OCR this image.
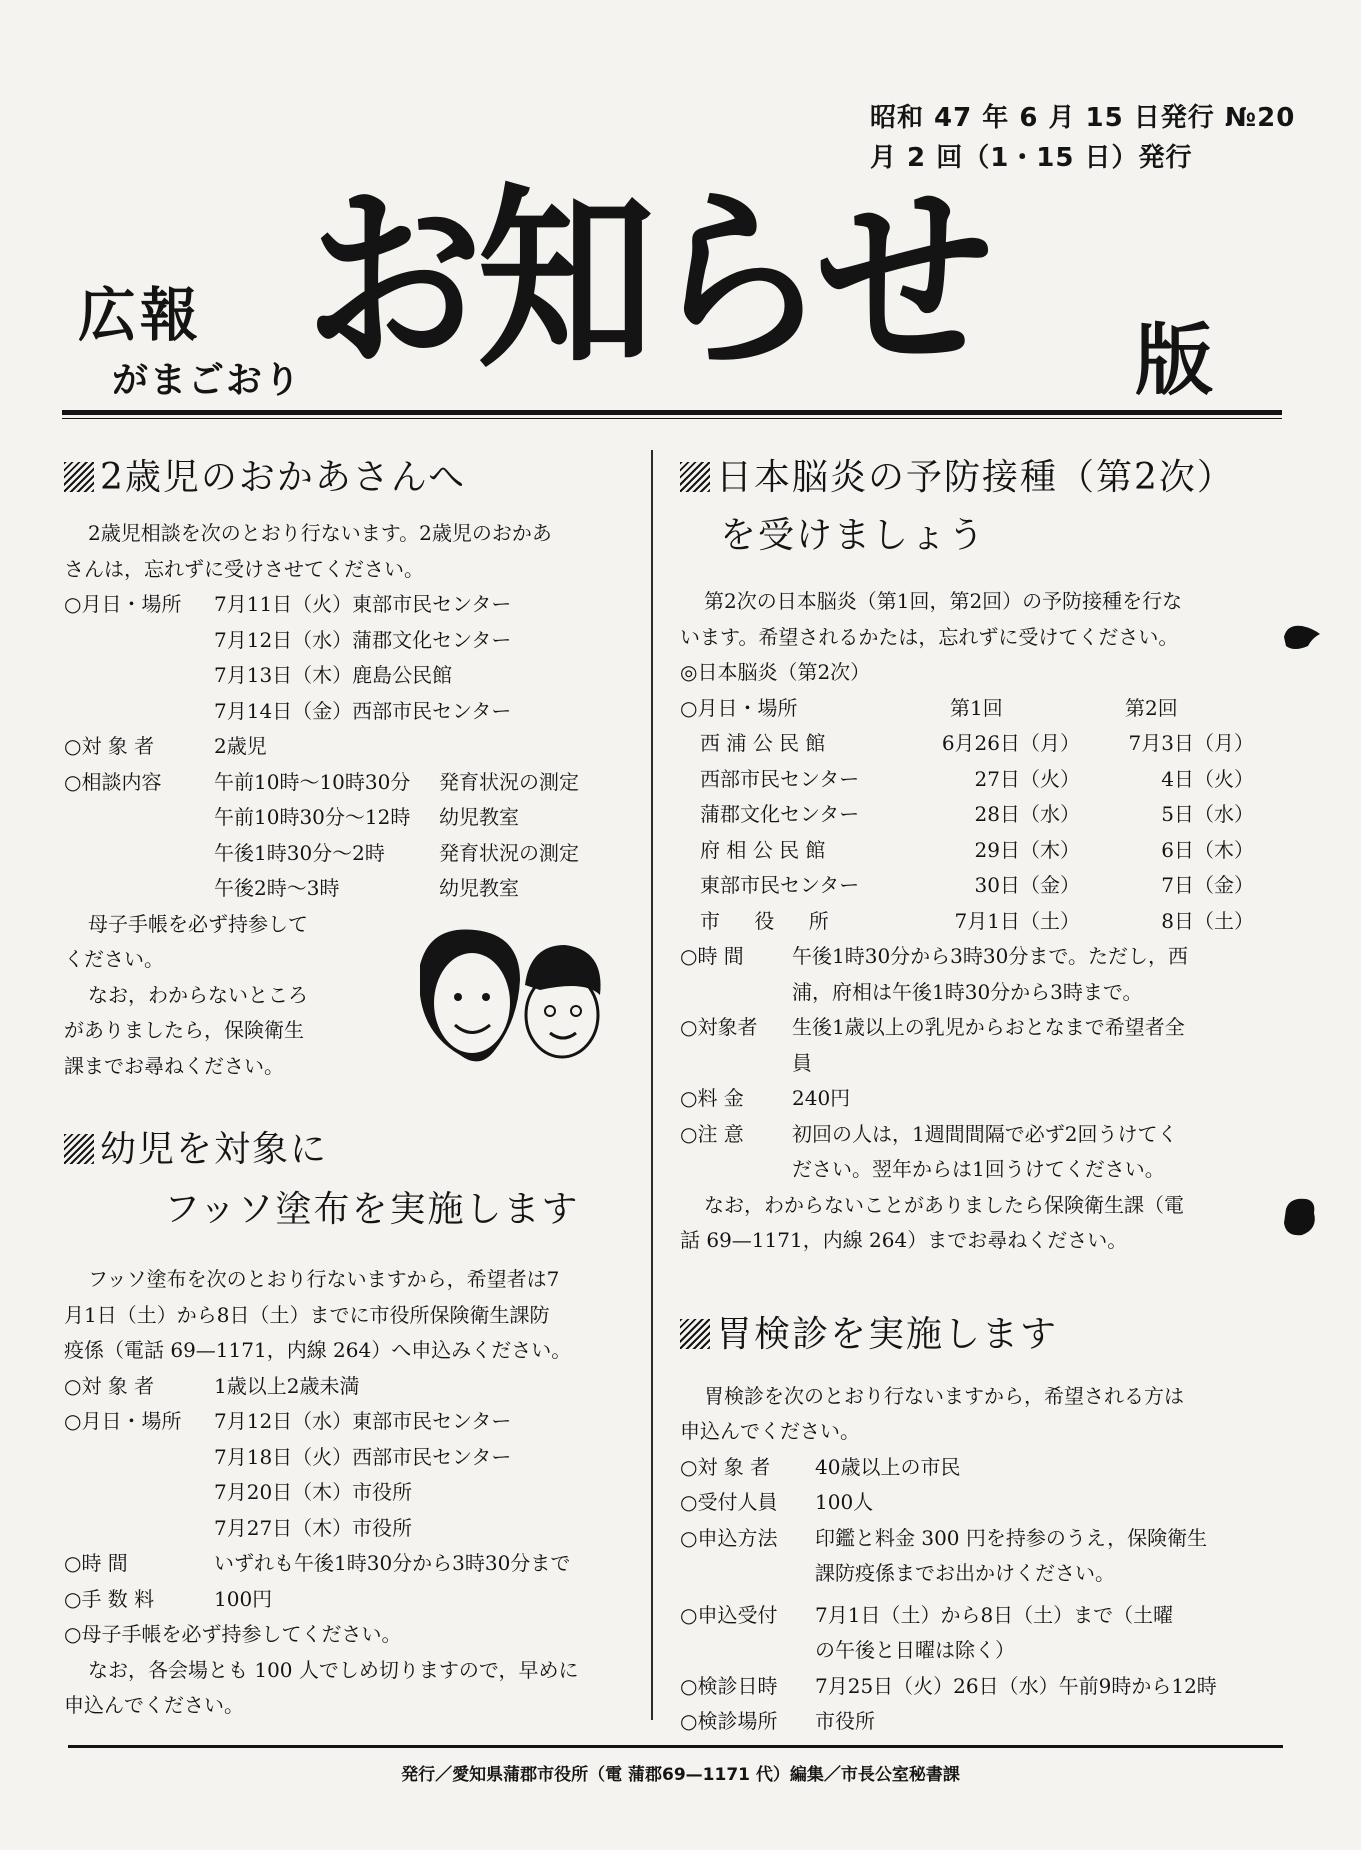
昭和 47 年 6 月 15 日発行 №20
月 2 回（1・15 日）発行
広報
がまごおり お知らせ 版
2歳児のおかあさんへ
2歳児相談を次のとおり行ないます。2歳児のおかあ
さんは，忘れずに受けさせてください。
○月日・場所 7月11日（火）東部市民センター
7月12日（水）蒲郡文化センター
7月13日（木）鹿島公民館
7月14日（金）西部市民センター
○対 象 者	2歳児
○相談内容	午前10時～10時30分 発育状況の測定
午前10時30分～12時 幼児教室
午後1時30分～2時	発育状況の測定
午後2時～3時	幼児教室
母子手帳を必ず持参して
ください。
なお，わからないところ
がありましたら，保険衛生
課までお尋ねください。
幼児を対象に
フッソ塗布を実施します
フッソ塗布を次のとおり行ないますから，希望者は7
月1日（土）から8日（土）までに市役所保険衛生課防
疫係（電話 69—1171，内線 264）へ申込みください。
○対 象 者	1歳以上2歳未満
○月日・場所 7月12日（水）東部市民センター
7月18日（火）西部市民センター
7月20日（木）市役所
7月27日（木）市役所
○時 間	いずれも午後1時30分から3時30分まで
○手 数 料	100円
○母子手帳を必ず持参してください。
なお，各会場とも 100 人でしめ切りますので，早めに
申込んでください。
日本脳炎の予防接種（第2次）
を受けましょう
第2次の日本脳炎（第1回，第2回）の予防接種を行な
います。希望されるかたは，忘れずに受けてください。
◎日本脳炎（第2次）
○月日・場所	第1回	第2回
西 浦 公 民 館	6月26日（月）	7月3日（月）
西部市民センター	27日（火）	4日（火）
蒲郡文化センター	28日（水）	5日（水）
府 相 公 民 館	29日（木）	6日（木）
東部市民センター	30日（金）	7日（金）
市 役 所	7月1日（土）	8日（土）
○時 間 午後1時30分から3時30分まで。ただし，西
浦，府相は午後1時30分から3時まで。
○対象者 生後1歳以上の乳児からおとなまで希望者全
員
○料 金 240円
○注 意 初回の人は，1週間間隔で必ず2回うけてく
ださい。翌年からは1回うけてください。
なお，わからないことがありましたら保険衛生課（電
話 69—1171，内線 264）までお尋ねください。
胃検診を実施します
胃検診を次のとおり行ないますから，希望される方は
申込んでください。
○対 象 者 40歳以上の市民
○受付人員 100人
○申込方法 印鑑と料金 300 円を持参のうえ，保険衛生
課防疫係までお出かけください。
○申込受付 7月1日（土）から8日（土）まで（土曜
の午後と日曜は除く）
○検診日時 7月25日（火）26日（水）午前9時から12時
○検診場所 市役所
発行／愛知県蒲郡市役所（電 蒲郡69—1171 代）編集／市長公室秘書課
